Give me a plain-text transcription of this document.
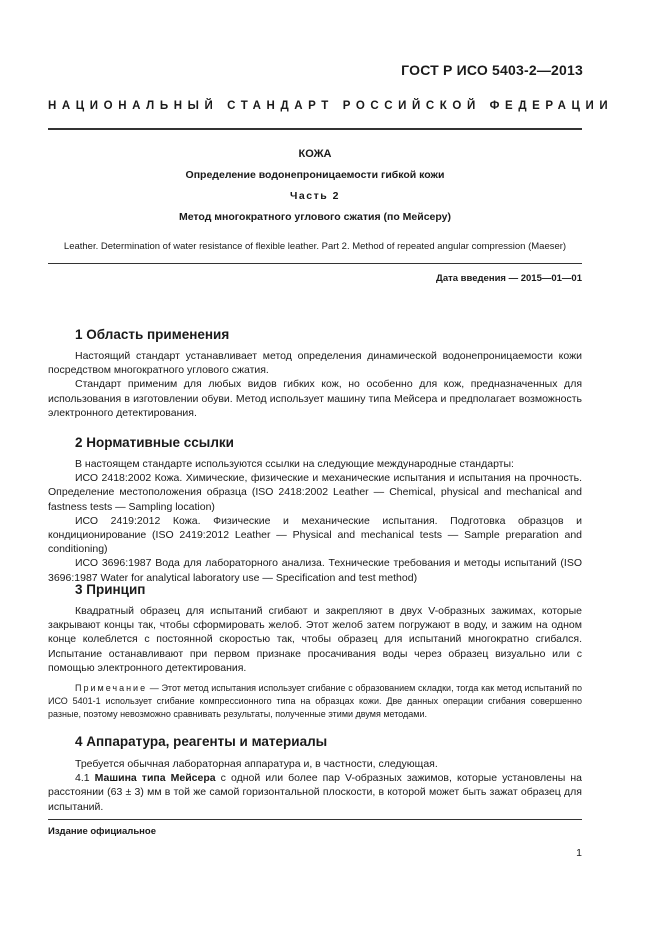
ГОСТ Р ИСО 5403-2—2013
НАЦИОНАЛЬНЫЙ СТАНДАРТ РОССИЙСКОЙ ФЕДЕРАЦИИ
КОЖА
Определение водонепроницаемости гибкой кожи
Часть 2
Метод многократного углового сжатия (по Мейсеру)
Leather. Determination of water resistance of flexible leather. Part 2. Method of repeated angular compression (Maeser)
Дата введения — 2015—01—01
1 Область применения

Настоящий стандарт устанавливает метод определения динамической водонепроницаемости кожи посредством многократного углового сжатия.

Стандарт применим для любых видов гибких кож, но особенно для кож, предназначенных для использования в изготовлении обуви. Метод использует машину типа Мейсера и предполагает возможность электронного детектирования.

2 Нормативные ссылки

В настоящем стандарте используются ссылки на следующие международные стандарты:

ИСО 2418:2002 Кожа. Химические, физические и механические испытания и испытания на прочность. Определение местоположения образца (ISO 2418:2002 Leather — Chemical, physical and mechanical and fastness tests — Sampling location)

ИСО 2419:2012 Кожа. Физические и механические испытания. Подготовка образцов и кондиционирование (ISO 2419:2012 Leather — Physical and mechanical tests — Sample preparation and conditioning)

ИСО 3696:1987 Вода для лабораторного анализа. Технические требования и методы испытаний (ISO 3696:1987 Water for analytical laboratory use — Specification and test method)

3 Принцип

Квадратный образец для испытаний сгибают и закрепляют в двух V-образных зажимах, которые закрывают концы так, чтобы сформировать желоб. Этот желоб затем погружают в воду, и зажим на одном конце колеблется с постоянной скоростью так, чтобы образец для испытаний многократно сгибался. Испытание останавливают при первом признаке просачивания воды через образец визуально или с помощью электронного детектирования.

Примечание — Этот метод испытания использует сгибание с образованием складки, тогда как метод испытаний по ИСО 5401-1 использует сгибание компрессионного типа на образцах кожи. Две данных операции сгибания совершенно разные, поэтому невозможно сравнивать результаты, полученные этими двумя методами.

4 Аппаратура, реагенты и материалы

Требуется обычная лабораторная аппаратура и, в частности, следующая.

4.1 Машина типа Мейсера с одной или более пар V-образных зажимов, которые установлены на расстоянии (63 ± 3) мм в той же самой горизонтальной плоскости, в которой может быть зажат образец для испытаний.

Издание официальное
1
